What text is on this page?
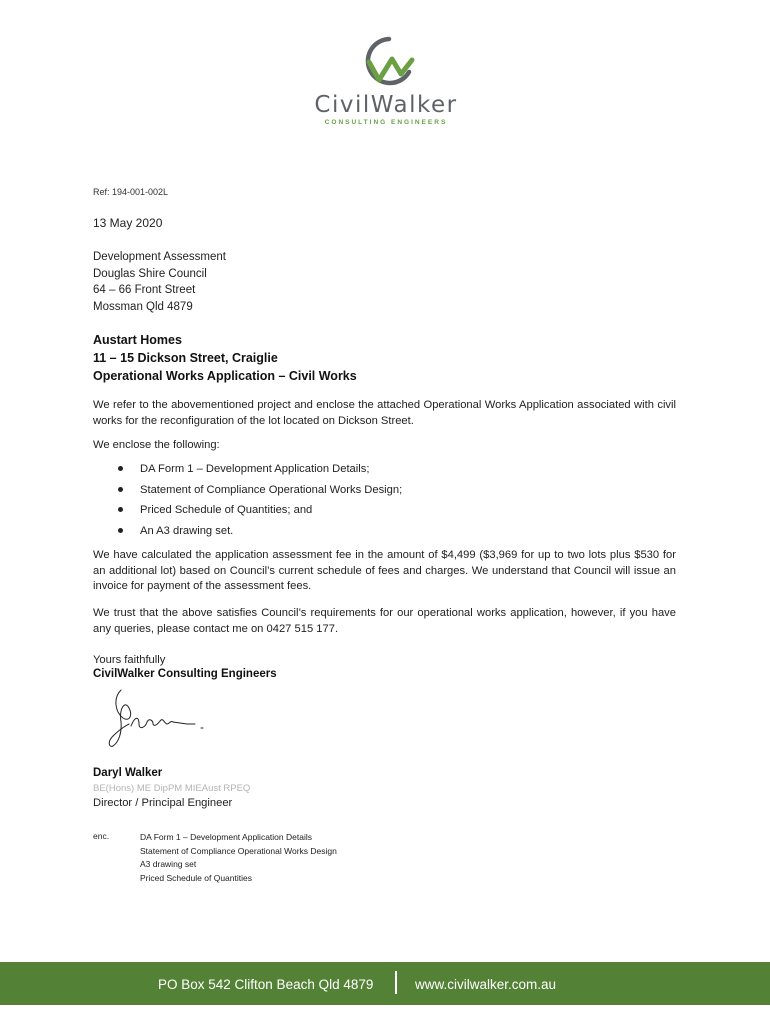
CivilWalker
CONSULTING ENGINEERS
Ref: 194-001-002L
13 May 2020
Development Assessment
Douglas Shire Council
64 – 66 Front Street
Mossman Qld 4879
Austart Homes
11 – 15 Dickson Street, Craiglie
Operational Works Application – Civil Works

We refer to the abovementioned project and enclose the attached Operational Works Application associated with civil works for the reconfiguration of the lot located on Dickson Street.

We enclose the following:

DA Form 1 – Development Application Details;
Statement of Compliance Operational Works Design;
Priced Schedule of Quantities; and
An A3 drawing set.

We have calculated the application assessment fee in the amount of $4,499 ($3,969 for up to two lots plus $530 for an additional lot) based on Council’s current schedule of fees and charges. We understand that Council will issue an invoice for payment of the assessment fees.

We trust that the above satisfies Council’s requirements for our operational works application, however, if you have any queries, please contact me on 0427 515 177.

Yours faithfully
CivilWalker Consulting Engineers
Daryl Walker
BE(Hons) ME DipPM MIEAust RPEQ
Director / Principal Engineer
enc.	DA Form 1 – Development Application Details
Statement of Compliance Operational Works Design
A3 drawing set
Priced Schedule of Quantities
PO Box 542 Clifton Beach Qld 4879	www.civilwalker.com.au
